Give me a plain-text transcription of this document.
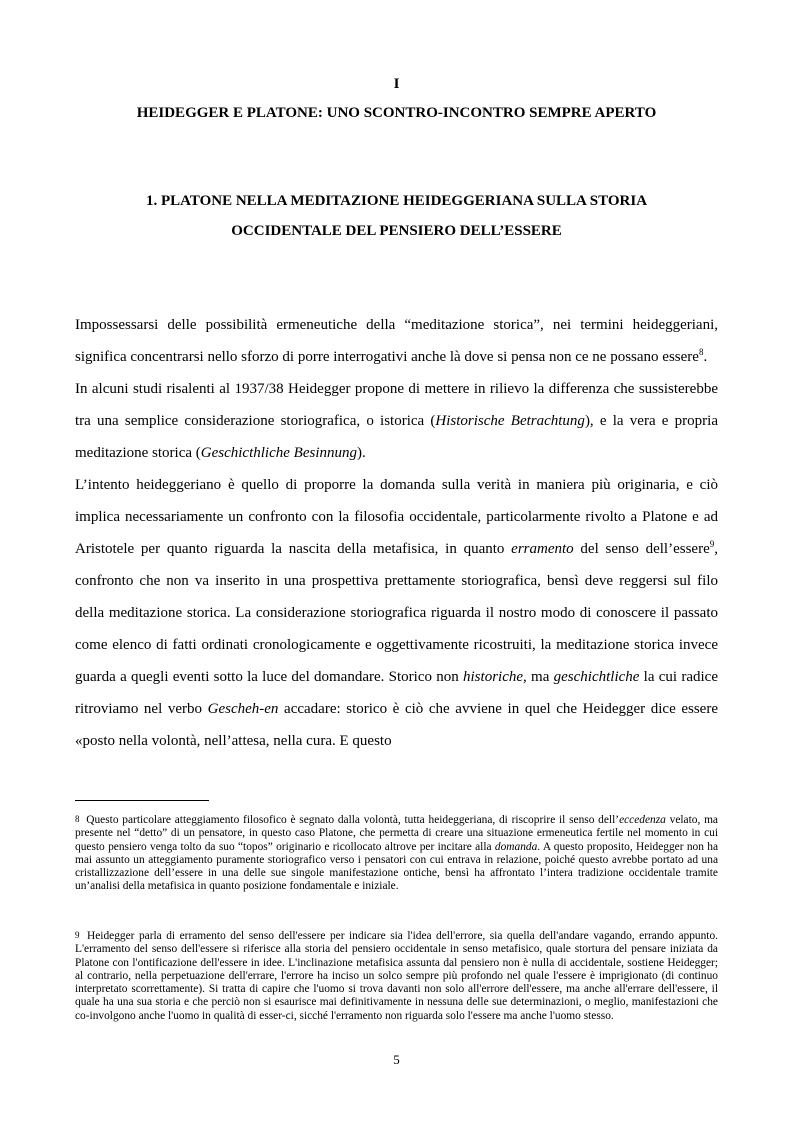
I
HEIDEGGER E PLATONE: UNO SCONTRO-INCONTRO SEMPRE APERTO
1. PLATONE NELLA MEDITAZIONE HEIDEGGERIANA SULLA STORIA
OCCIDENTALE DEL PENSIERO DELL’ESSERE

Impossessarsi delle possibilità ermeneutiche della “meditazione storica”, nei termini heideggeriani, significa concentrarsi nello sforzo di porre interrogativi anche là dove si pensa non ce ne possano essere$^8$.

In alcuni studi risalenti al 1937/38 Heidegger propone di mettere in rilievo la differenza che sussisterebbe tra una semplice considerazione storiografica, o istorica (Historische Betrachtung), e la vera e propria meditazione storica (Geschicthliche Besinnung).

L’intento heideggeriano è quello di proporre la domanda sulla verità in maniera più originaria, e ciò implica necessariamente un confronto con la filosofia occidentale, particolarmente rivolto a Platone e ad Aristotele per quanto riguarda la nascita della metafisica, in quanto erramento del senso dell’essere$^9$, confronto che non va inserito in una prospettiva prettamente storiografica, bensì deve reggersi sul filo della meditazione storica. La considerazione storiografica riguarda il nostro modo di conoscere il passato come elenco di fatti ordinati cronologicamente e oggettivamente ricostruiti, la meditazione storica invece guarda a quegli eventi sotto la luce del domandare. Storico non historiche, ma geschichtliche la cui radice ritroviamo nel verbo Gescheh-en accadare: storico è ciò che avviene in quel che Heidegger dice essere «posto nella volontà, nell’attesa, nella cura. E questo

$^8$ Questo particolare atteggiamento filosofico è segnato dalla volontà, tutta heideggeriana, di riscoprire il senso dell’eccedenza velato, ma presente nel “detto” di un pensatore, in questo caso Platone, che permetta di creare una situazione ermeneutica fertile nel momento in cui questo pensiero venga tolto da suo “topos” originario e ricollocato altrove per incitare alla domanda. A questo proposito, Heidegger non ha mai assunto un atteggiamento puramente storiografico verso i pensatori con cui entrava in relazione, poiché questo avrebbe portato ad una cristallizzazione dell’essere in una delle sue singole manifestazione ontiche, bensì ha affrontato l’intera tradizione occidentale tramite un’analisi della metafisica in quanto posizione fondamentale e iniziale.
$^9$ Heidegger parla di erramento del senso dell'essere per indicare sia l'idea dell'errore, sia quella dell'andare vagando, errando appunto. L'erramento del senso dell'essere si riferisce alla storia del pensiero occidentale in senso metafisico, quale stortura del pensare iniziata da Platone con l'ontificazione dell'essere in idee. L'inclinazione metafisica assunta dal pensiero non è nulla di accidentale, sostiene Heidegger; al contrario, nella perpetuazione dell'errare, l'errore ha inciso un solco sempre più profondo nel quale l'essere è imprigionato (di continuo interpretato scorrettamente). Si tratta di capire che l'uomo si trova davanti non solo all'errore dell'essere, ma anche all'errare dell'essere, il quale ha una sua storia e che perciò non si esaurisce mai definitivamente in nessuna delle sue determinazioni, o meglio, manifestazioni che co-involgono anche l'uomo in qualità di esser-ci, sicché l'erramento non riguarda solo l'essere ma anche l'uomo stesso.
5
